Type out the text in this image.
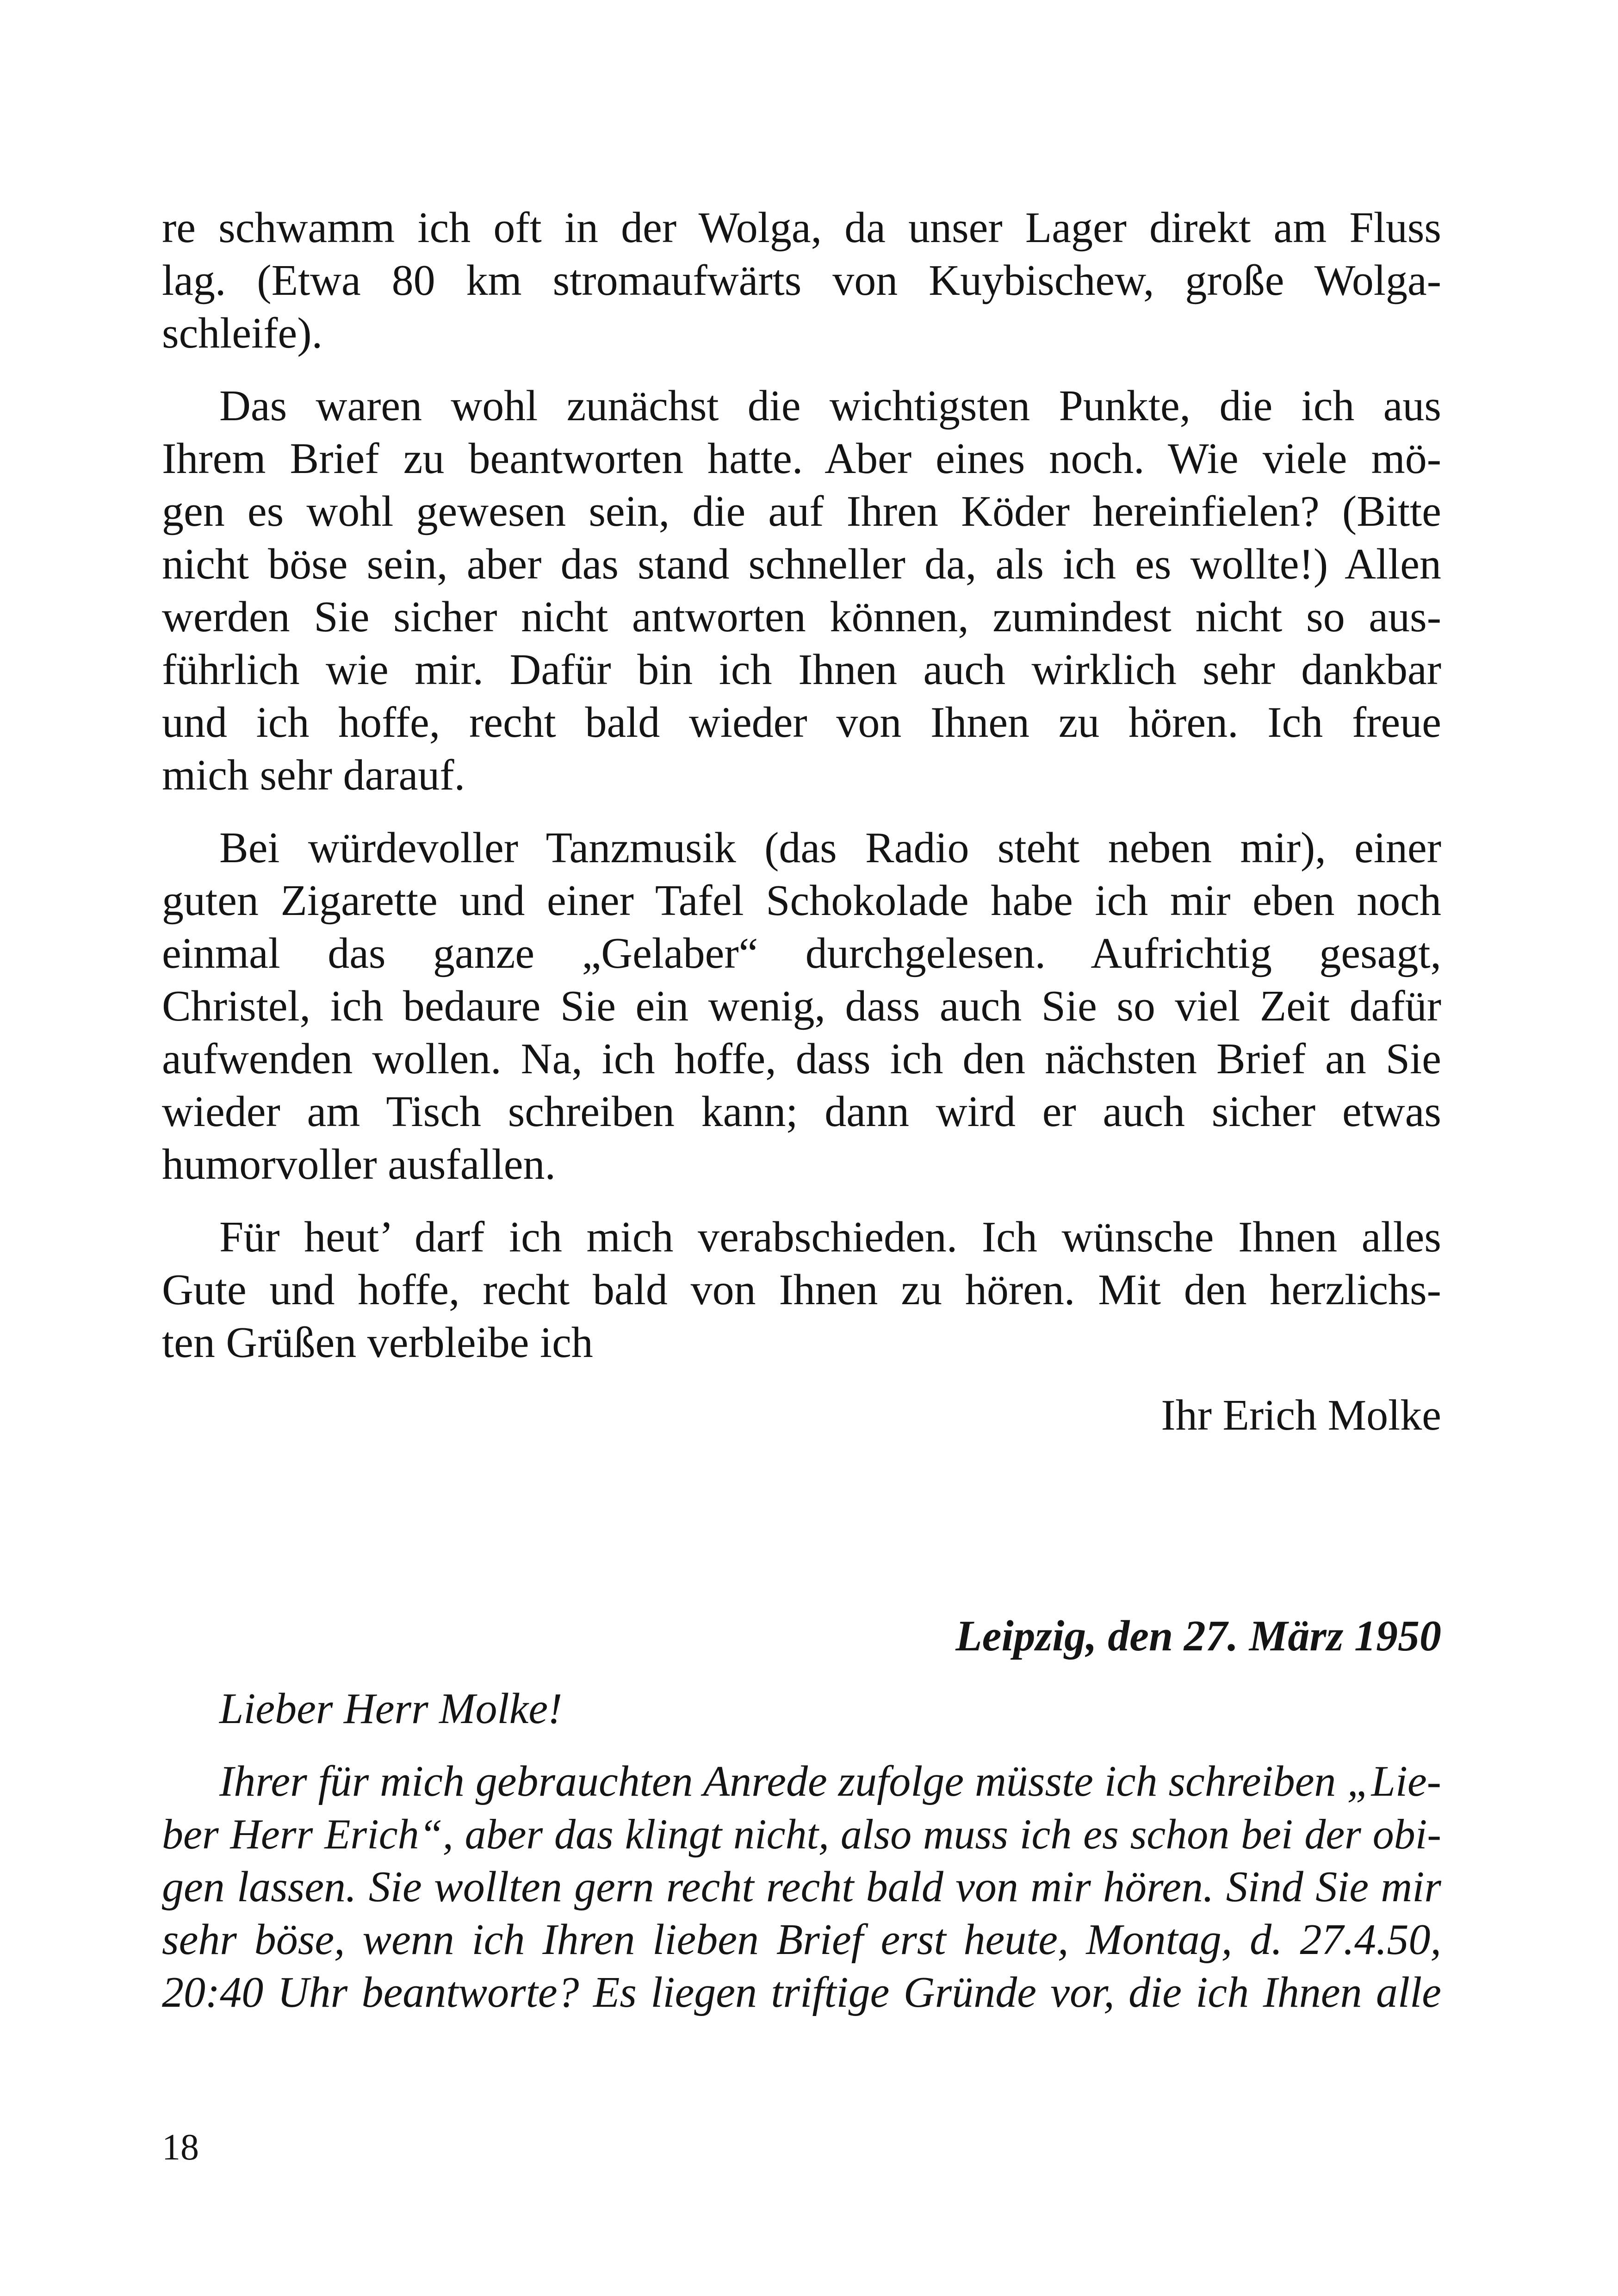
re schwamm ich oft in der Wolga, da unser Lager direkt am Fluss
lag. (Etwa 80 km stromaufwärts von Kuybischew, große Wolga-
schleife).
Das waren wohl zunächst die wichtigsten Punkte, die ich aus
Ihrem Brief zu beantworten hatte. Aber eines noch. Wie viele mö-
gen es wohl gewesen sein, die auf Ihren Köder hereinfielen? (Bitte
nicht böse sein, aber das stand schneller da, als ich es wollte!) Allen
werden Sie sicher nicht antworten können, zumindest nicht so aus-
führlich wie mir. Dafür bin ich Ihnen auch wirklich sehr dankbar
und ich hoffe, recht bald wieder von Ihnen zu hören. Ich freue
mich sehr darauf.
Bei würdevoller Tanzmusik (das Radio steht neben mir), einer
guten Zigarette und einer Tafel Schokolade habe ich mir eben noch
einmal das ganze „Gelaber“ durchgelesen. Aufrichtig gesagt,
Christel, ich bedaure Sie ein wenig, dass auch Sie so viel Zeit dafür
aufwenden wollen. Na, ich hoffe, dass ich den nächsten Brief an Sie
wieder am Tisch schreiben kann; dann wird er auch sicher etwas
humorvoller ausfallen.
Für heut’ darf ich mich verabschieden. Ich wünsche Ihnen alles
Gute und hoffe, recht bald von Ihnen zu hören. Mit den herzlichs-
ten Grüßen verbleibe ich
Ihr Erich Molke
Leipzig, den 27. März 1950
Lieber Herr Molke!
Ihrer für mich gebrauchten Anrede zufolge müsste ich schreiben „Lie-
ber Herr Erich“, aber das klingt nicht, also muss ich es schon bei der obi-
gen lassen. Sie wollten gern recht recht bald von mir hören. Sind Sie mir
sehr böse, wenn ich Ihren lieben Brief erst heute, Montag, d. 27.4.50,
20:40 Uhr beantworte? Es liegen triftige Gründe vor, die ich Ihnen alle
18
